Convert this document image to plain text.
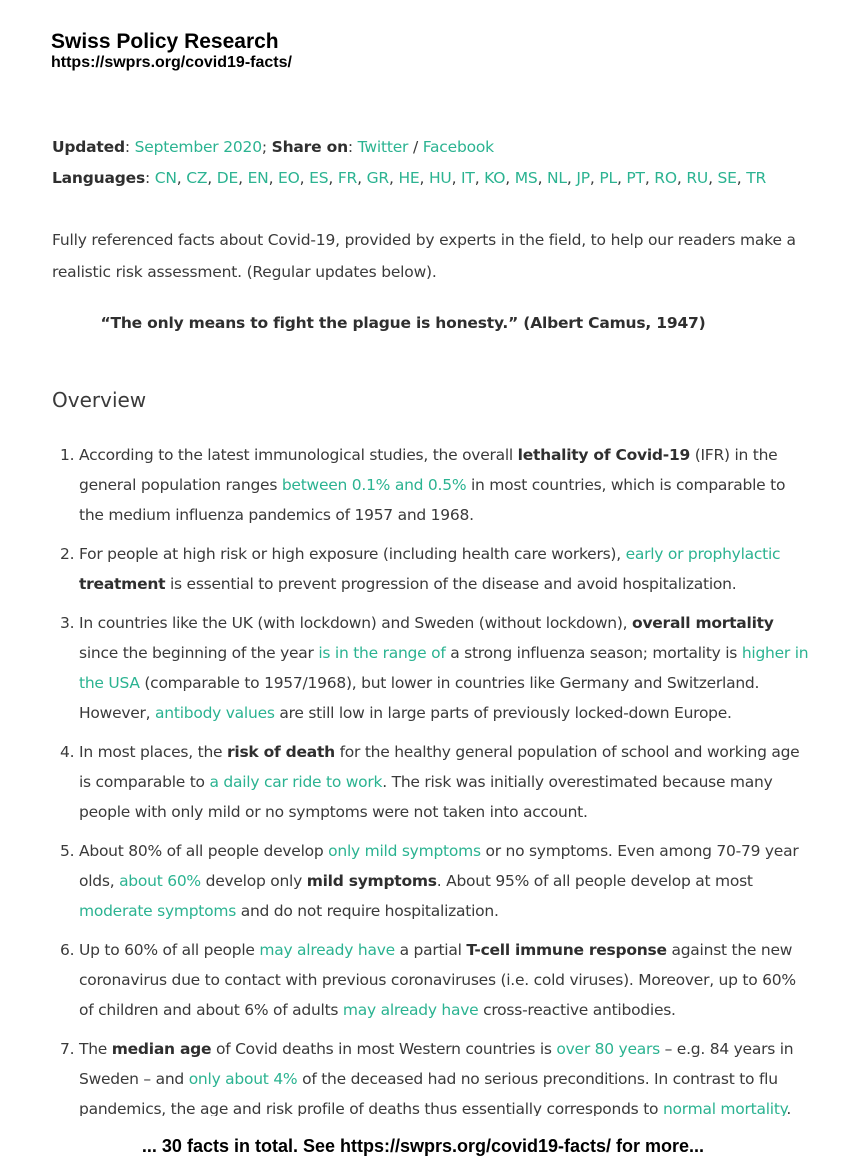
Swiss Policy Research
https://swprs.org/covid19-facts/
Updated: September 2020; Share on: Twitter / Facebook
Languages: CN, CZ, DE, EN, EO, ES, FR, GR, HE, HU, IT, KO, MS, NL, JP, PL, PT, RO, RU, SE, TR
Fully referenced facts about Covid-19, provided by experts in the field, to help our readers make a realistic risk assessment. (Regular updates below).
“The only means to fight the plague is honesty.” (Albert Camus, 1947)
Overview
1. According to the latest immunological studies, the overall lethality of Covid-19 (IFR) in the general population ranges between 0.1% and 0.5% in most countries, which is comparable to the medium influenza pandemics of 1957 and 1968.
2. For people at high risk or high exposure (including health care workers), early or prophylactic treatment is essential to prevent progression of the disease and avoid hospitalization.
3. In countries like the UK (with lockdown) and Sweden (without lockdown), overall mortality since the beginning of the year is in the range of a strong influenza season; mortality is higher in the USA (comparable to 1957/1968), but lower in countries like Germany and Switzerland. However, antibody values are still low in large parts of previously locked-down Europe.
4. In most places, the risk of death for the healthy general population of school and working age is comparable to a daily car ride to work. The risk was initially overestimated because many people with only mild or no symptoms were not taken into account.
5. About 80% of all people develop only mild symptoms or no symptoms. Even among 70-79 year olds, about 60% develop only mild symptoms. About 95% of all people develop at most moderate symptoms and do not require hospitalization.
6. Up to 60% of all people may already have a partial T-cell immune response against the new coronavirus due to contact with previous coronaviruses (i.e. cold viruses). Moreover, up to 60% of children and about 6% of adults may already have cross-reactive antibodies.
7. The median age of Covid deaths in most Western countries is over 80 years – e.g. 84 years in Sweden – and only about 4% of the deceased had no serious preconditions. In contrast to flu pandemics, the age and risk profile of deaths thus essentially corresponds to normal mortality.
... 30 facts in total. See https://swprs.org/covid19-facts/ for more...
